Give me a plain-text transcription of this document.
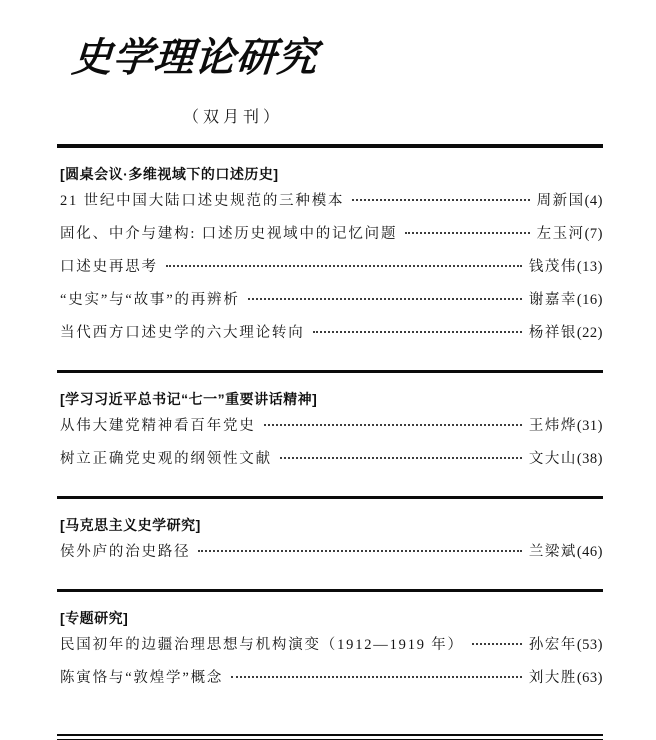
史学理论研究
（双月刊）
[圆桌会议·多维视域下的口述历史]
21 世纪中国大陆口述史规范的三种模本	周新国(4)
固化、中介与建构: 口述历史视域中的记忆问题	左玉河(7)
口述史再思考	钱茂伟(13)
“史实”与“故事”的再辨析	谢嘉幸(16)
当代西方口述史学的六大理论转向	杨祥银(22)
[学习习近平总书记“七一”重要讲话精神]
从伟大建党精神看百年党史	王炜烨(31)
树立正确党史观的纲领性文献	文大山(38)
[马克思主义史学研究]
侯外庐的治史路径	兰梁斌(46)
[专题研究]
民国初年的边疆治理思想与机构演变（1912—1919 年）	孙宏年(53)
陈寅恪与“敦煌学”概念	刘大胜(63)
